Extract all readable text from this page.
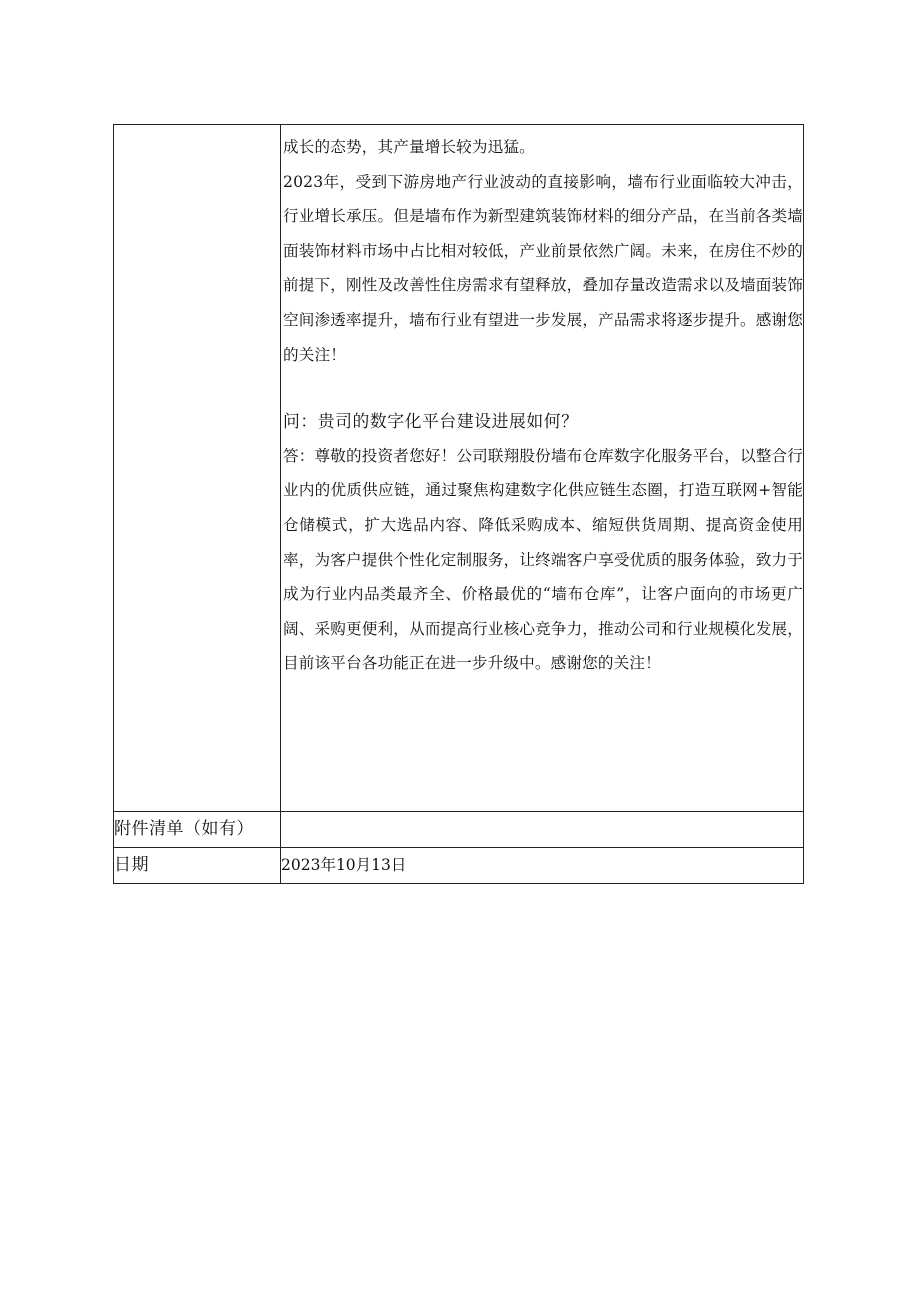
	成长的态势，其产量增长较为迅猛。

2023年，受到下游房地产行业波动的直接影响，墙布行业面临较大冲击，行业增长承压。但是墙布作为新型建筑装饰材料的细分产品，在当前各类墙面装饰材料市场中占比相对较低，产业前景依然广阔。未来，在房住不炒的前提下，刚性及改善性住房需求有望释放，叠加存量改造需求以及墙面装饰空间渗透率提升，墙布行业有望进一步发展，产品需求将逐步提升。感谢您的关注！

问：贵司的数字化平台建设进展如何？

答：尊敬的投资者您好！公司联翔股份墙布仓库数字化服务平台，以整合行业内的优质供应链，通过聚焦构建数字化供应链生态圈，打造互联网+智能仓储模式，扩大选品内容、降低采购成本、缩短供货周期、提高资金使用率，为客户提供个性化定制服务，让终端客户享受优质的服务体验，致力于成为行业内品类最齐全、价格最优的“墙布仓库”，让客户面向的市场更广阔、采购更便利，从而提高行业核心竞争力，推动公司和行业规模化发展，目前该平台各功能正在进一步升级中。感谢您的关注！

附件清单（如有）	
日期	2023年10月13日
